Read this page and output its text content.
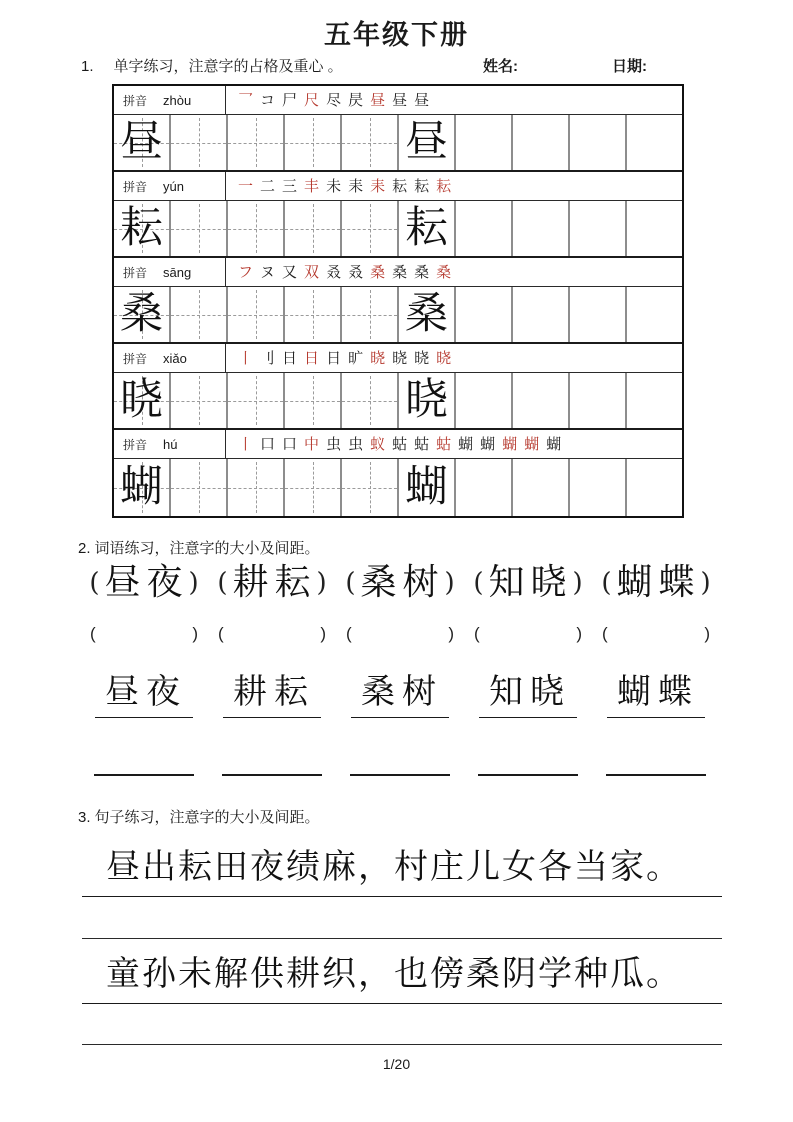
五年级下册
1. 单字练习，注意字的占格及重心 。	姓名:	日期:
拼音 zhòu	乛 コ 尸 尺 尽 昃 昼 昼 昼
昼	昼
拼音 yún	一 二 三 丰 未 耒 耒 耘 耘 耘
耘	耘
拼音 sāng	フ ヌ 又 双 叒 叒 桑 桑 桑 桑
桑	桑
拼音 xiǎo	丨 刂 日 日 日 旷 晓 晓 晓 晓
晓	晓
拼音 hú	丨 口 口 中 虫 虫 蚁 蛄 蛄 蛄 蝴 蝴 蝴 蝴 蝴
蝴	蝴
2. 词语练习，注意字的大小及间距。
( 昼夜 ) ( 耕耘 ) ( 桑树 ) ( 知晓 ) ( 蝴蝶 )
(	) (	) (	) (	) (	)
昼夜	耕耘	桑树	知晓	蝴蝶
3. 句子练习，注意字的大小及间距。
昼出耘田夜绩麻，村庄儿女各当家。
童孙未解供耕织，也傍桑阴学种瓜。
1/20
